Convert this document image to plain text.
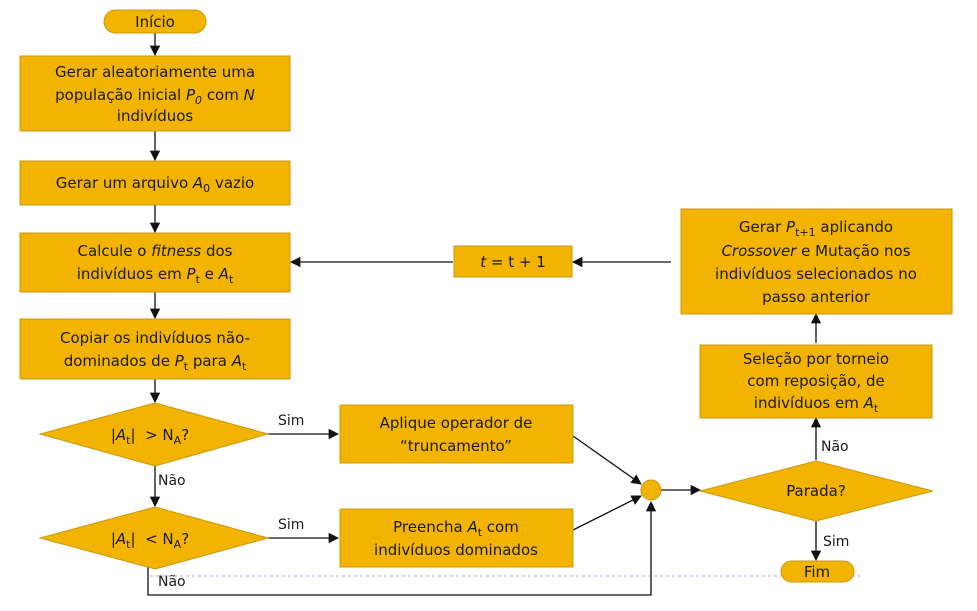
Início
Gerar aleatoriamente uma
população inicial $P_0$ com N
indivíduos
Gerar um arquivo $A_0$ vazio
Calcule o fitness dos
indivíduos em $P_t$ e $A_t$
Copiar os indivíduos não-
dominados de $P_t$ para $A_t$
$|A_t| > N_A$?
$|A_t| < N_A$?
Aplique operador de
“truncamento”
Preencha $A_t$ com
indivíduos dominados
t = t + 1
Gerar $P_{t+1}$ aplicando
Crossover e Mutação nos
indivíduos selecionados no
passo anterior
Seleção por torneio
com reposição, de
indivíduos em $A_t$
Parada?
Fim
Sim
Não
Sim
Não
Não
Sim
